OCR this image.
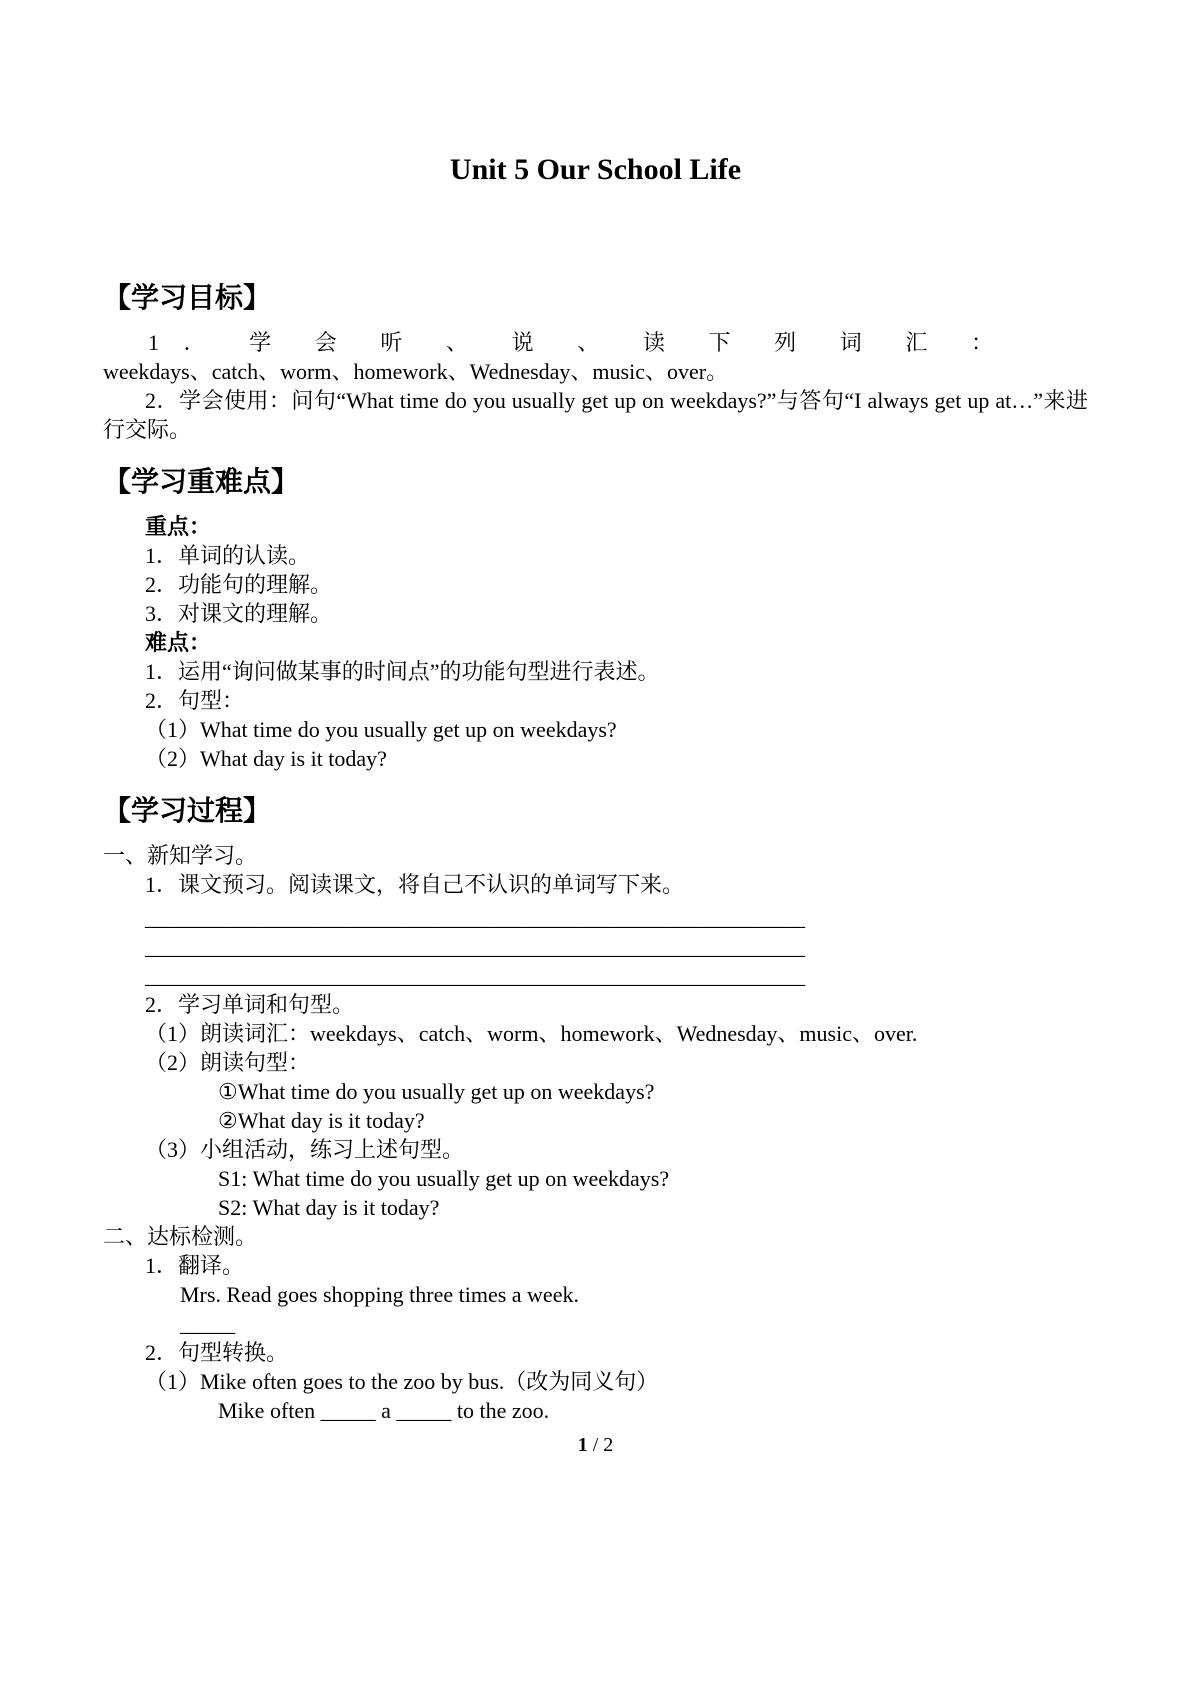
Unit 5 Our School Life
【学习目标】
1 ． 学 会 听 、 说 、 读 下 列 词 汇 ：
weekdays、catch、worm、homework、Wednesday、music、over。

2．学会使用：问句“What time do you usually get up on weekdays?”与答句“I always get up at…”来进行交际。

【学习重难点】
重点：
1．单词的认读。
2．功能句的理解。
3．对课文的理解。
难点：
1．运用“询问做某事的时间点”的功能句型进行表述。
2．句型：
（1）What time do you usually get up on weekdays?
（2）What day is it today?
【学习过程】
一、新知学习。
1．课文预习。阅读课文，将自己不认识的单词写下来。
____________________________________________________________
____________________________________________________________
____________________________________________________________
2．学习单词和句型。
（1）朗读词汇：weekdays、catch、worm、homework、Wednesday、music、over.
（2）朗读句型：
①What time do you usually get up on weekdays?
②What day is it today?
（3）小组活动，练习上述句型。
S1: What time do you usually get up on weekdays?
S2: What day is it today?
二、达标检测。
1．翻译。
Mrs. Read goes shopping three times a week.
_____
2．句型转换。
（1）Mike often goes to the zoo by bus.（改为同义句）
Mike often _____ a _____ to the zoo.
1 / 2
